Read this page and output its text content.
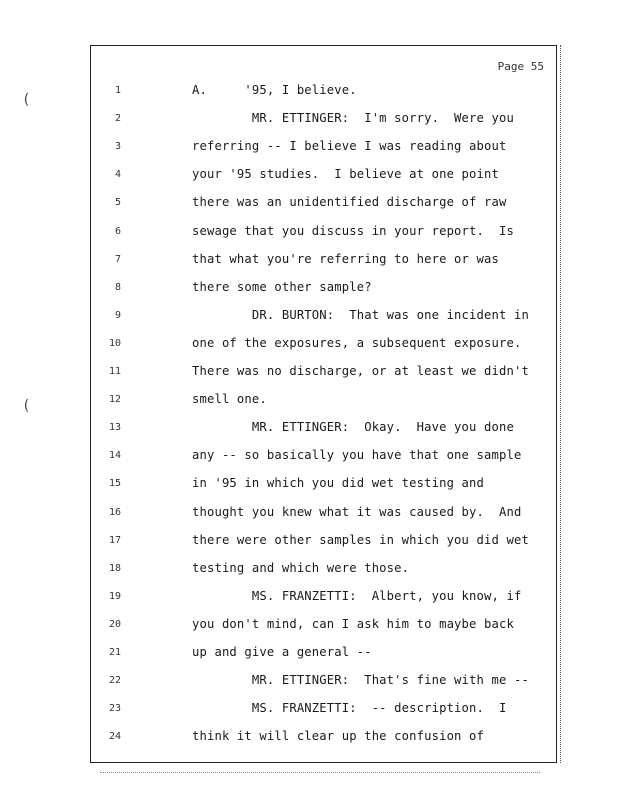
Page 55
1	A.     '95, I believe.
2	MR. ETTINGER:  I'm sorry.  Were you
3	referring -- I believe I was reading about
4	your '95 studies.  I believe at one point
5	there was an unidentified discharge of raw
6	sewage that you discuss in your report.  Is
7	that what you're referring to here or was
8	there some other sample?
9	DR. BURTON:  That was one incident in
10	one of the exposures, a subsequent exposure.
11	There was no discharge, or at least we didn't
12	smell one.
13	MR. ETTINGER:  Okay.  Have you done
14	any -- so basically you have that one sample
15	in '95 in which you did wet testing and
16	thought you knew what it was caused by.  And
17	there were other samples in which you did wet
18	testing and which were those.
19	MS. FRANZETTI:  Albert, you know, if
20	you don't mind, can I ask him to maybe back
21	up and give a general --
22	MR. ETTINGER:  That's fine with me --
23	MS. FRANZETTI:  -- description.  I
24	think it will clear up the confusion of
(
(
